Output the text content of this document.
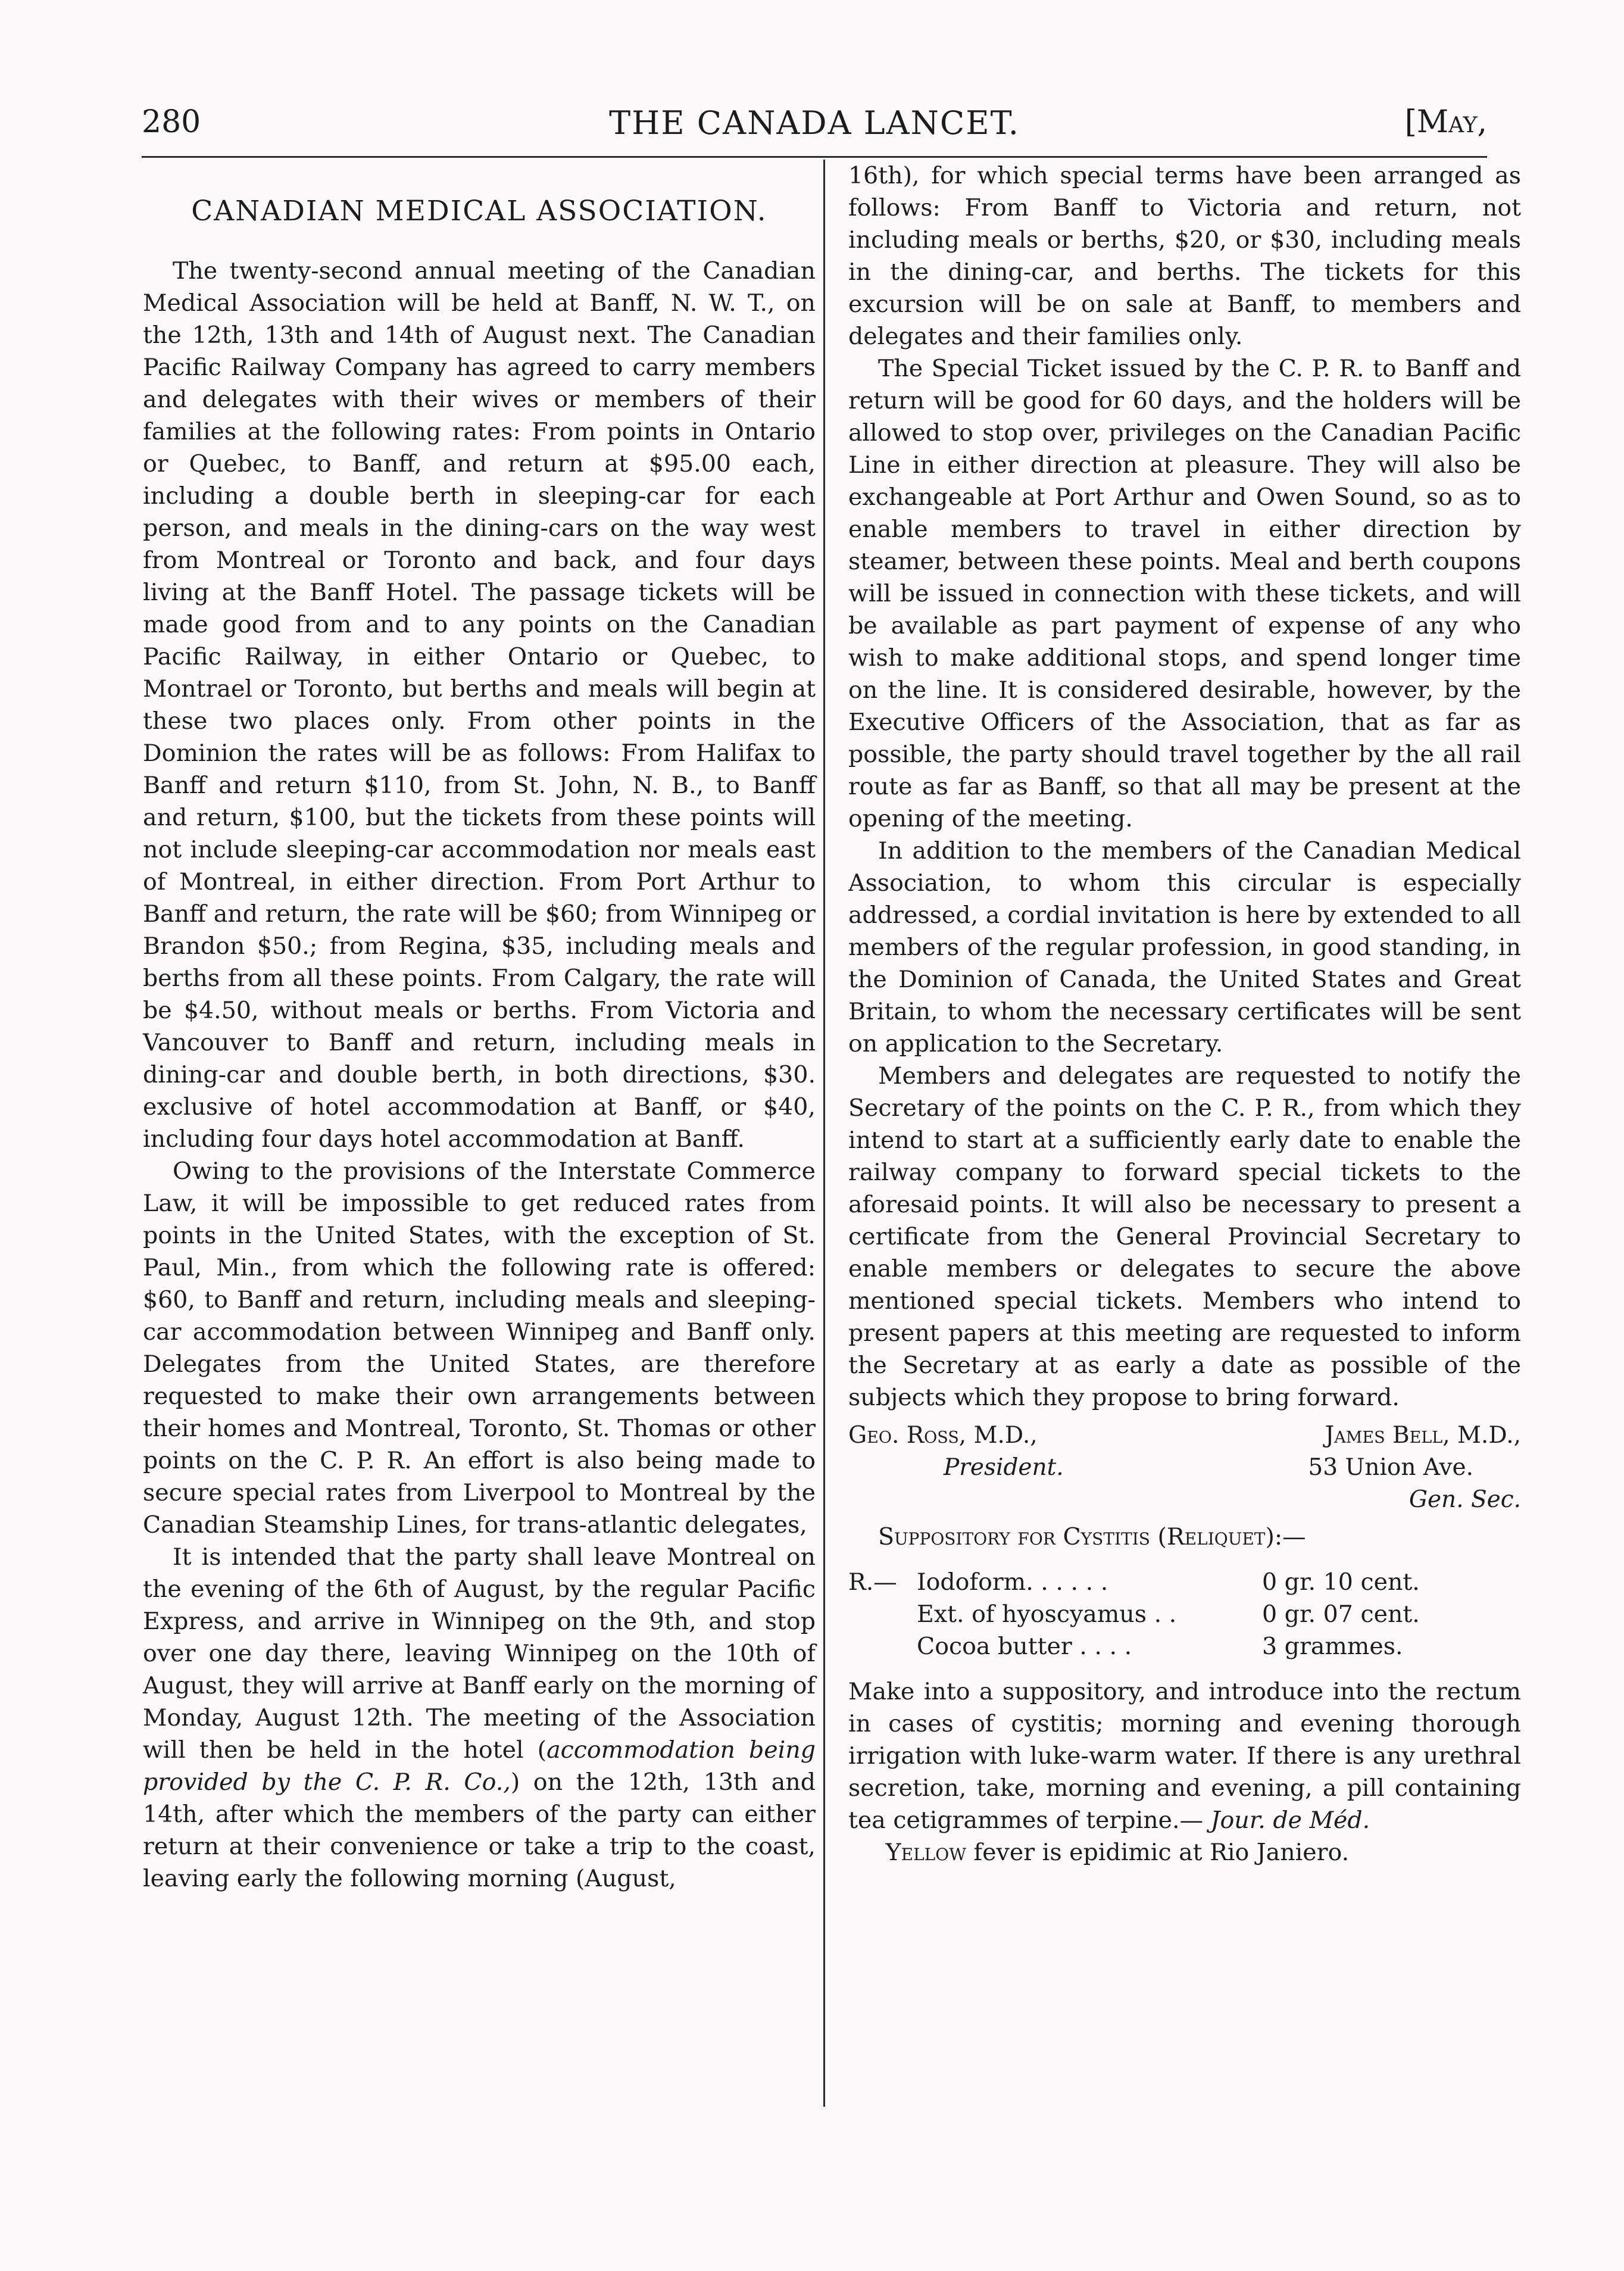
280	THE CANADA LANCET.	[May,
CANADIAN MEDICAL ASSOCIATION.

The twenty-second annual meeting of the Canadian Medical Association will be held at Banff, N. W. T., on the 12th, 13th and 14th of August next. The Canadian Pacific Railway Company has agreed to carry members and delegates with their wives or members of their families at the following rates: From points in Ontario or Quebec, to Banff, and return at $95.00 each, including a double berth in sleeping-car for each person, and meals in the dining-cars on the way west from Montreal or Toronto and back, and four days living at the Banff Hotel. The passage tickets will be made good from and to any points on the Canadian Pacific Railway, in either Ontario or Quebec, to Montrael or Toronto, but berths and meals will begin at these two places only. From other points in the Dominion the rates will be as follows: From Halifax to Banff and return $110, from St. John, N. B., to Banff and return, $100, but the tickets from these points will not include sleeping-car accommodation nor meals east of Montreal, in either direction. From Port Arthur to Banff and return, the rate will be $60; from Winnipeg or Brandon $50.; from Regina, $35, including meals and berths from all these points. From Calgary, the rate will be $4.50, without meals or berths. From Victoria and Vancouver to Banff and return, including meals in dining-car and double berth, in both directions, $30. exclusive of hotel accommodation at Banff, or $40, including four days hotel accommodation at Banff.

Owing to the provisions of the Interstate Commerce Law, it will be impossible to get reduced rates from points in the United States, with the exception of St. Paul, Min., from which the following rate is offered: $60, to Banff and return, including meals and sleeping-car accommodation between Winnipeg and Banff only. Delegates from the United States, are therefore requested to make their own arrangements between their homes and Montreal, Toronto, St. Thomas or other points on the C. P. R. An effort is also being made to secure special rates from Liverpool to Montreal by the Canadian Steamship Lines, for trans-atlantic delegates,

It is intended that the party shall leave Montreal on the evening of the 6th of August, by the regular Pacific Express, and arrive in Winnipeg on the 9th, and stop over one day there, leaving Winnipeg on the 10th of August, they will arrive at Banff early on the morning of Monday, August 12th. The meeting of the Association will then be held in the hotel (accommodation being provided by the C. P. R. Co.,) on the 12th, 13th and 14th, after which the members of the party can either return at their convenience or take a trip to the coast, leaving early the following morning (August,

16th), for which special terms have been arranged as follows: From Banff to Victoria and return, not including meals or berths, $20, or $30, including meals in the dining-car, and berths. The tickets for this excursion will be on sale at Banff, to members and delegates and their families only.

The Special Ticket issued by the C. P. R. to Banff and return will be good for 60 days, and the holders will be allowed to stop over, privileges on the Canadian Pacific Line in either direction at pleasure. They will also be exchangeable at Port Arthur and Owen Sound, so as to enable members to travel in either direction by steamer, between these points. Meal and berth coupons will be issued in connection with these tickets, and will be available as part payment of expense of any who wish to make additional stops, and spend longer time on the line. It is considered desirable, however, by the Executive Officers of the Association, that as far as possible, the party should travel together by the all rail route as far as Banff, so that all may be present at the opening of the meeting.

In addition to the members of the Canadian Medical Association, to whom this circular is especially addressed, a cordial invitation is here by extended to all members of the regular profession, in good standing, in the Dominion of Canada, the United States and Great Britain, to whom the necessary certificates will be sent on application to the Secretary.

Members and delegates are requested to notify the Secretary of the points on the C. P. R., from which they intend to start at a sufficiently early date to enable the railway company to forward special tickets to the aforesaid points. It will also be necessary to present a certificate from the General Provincial Secretary to enable members or delegates to secure the above mentioned special tickets. Members who intend to present papers at this meeting are requested to inform the Secretary at as early a date as possible of the subjects which they propose to bring forward.

Geo. Ross, M.D.,
President.
James Bell, M.D.,
53 Union Ave.
Gen. Sec.

Suppository for Cystitis (Reliquet):—

R.— Iodoform. . . . . .	0 gr. 10 cent.
Ext. of hyoscyamus . .	0 gr. 07 cent.
Cocoa butter . . . .	3 grammes.

Make into a suppository, and introduce into the rectum in cases of cystitis; morning and evening thorough irrigation with luke-warm water. If there is any urethral secretion, take, morning and evening, a pill containing tea cetigrammes of terpine.— Jour. de Méd.

Yellow fever is epidimic at Rio Janiero.
